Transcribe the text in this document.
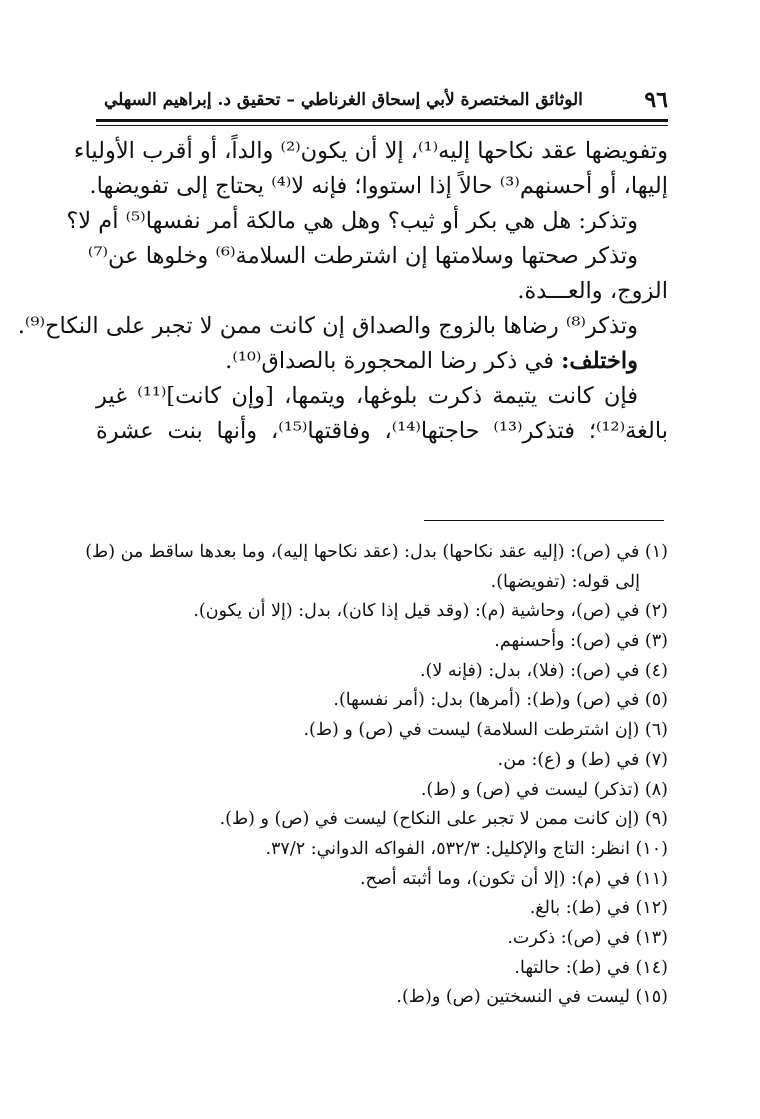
٩٦
الوثائق المختصرة لأبي إسحاق الغرناطي – تحقيق د. إبراهيم السهلي
وتفويضها عقد نكاحها إليه⁽¹⁾، إلا أن يكون⁽²⁾ والداً، أو أقرب الأولياء
إليها، أو أحسنهم⁽³⁾ حالاً إذا استووا؛ فإنه لا⁽⁴⁾ يحتاج إلى تفويضها.
وتذكر: هل هي بكر أو ثيب؟ وهل هي مالكة أمر نفسها⁽⁵⁾ أم لا؟
وتذكر صحتها وسلامتها إن اشترطت السلامة⁽⁶⁾ وخلوها عن⁽⁷⁾
الزوج، والعـــدة.
وتذكر⁽⁸⁾ رضاها بالزوج والصداق إن كانت ممن لا تجبر على النكاح⁽⁹⁾.
واختلف: في ذكر رضا المحجورة بالصداق⁽¹⁰⁾.
فإن كانت يتيمة ذكرت بلوغها، ويتمها، [وإن كانت]⁽¹¹⁾ غير
بالغة⁽¹²⁾؛ فتذكر⁽¹³⁾ حاجتها⁽¹⁴⁾، وفاقتها⁽¹⁵⁾، وأنها بنت عشرة
(١) في (ص): (إليه عقد نكاحها) بدل: (عقد نكاحها إليه)، وما بعدها ساقط من (ط)
إلى قوله: (تفويضها).
(٢) في (ص)، وحاشية (م): (وقد قيل إذا كان)، بدل: (إلا أن يكون).
(٣) في (ص): وأحسنهم.
(٤) في (ص): (فلا)، بدل: (فإنه لا).
(٥) في (ص) و(ط): (أمرها) بدل: (أمر نفسها).
(٦) (إن اشترطت السلامة) ليست في (ص) و (ط).
(٧) في (ط) و (ع): من.
(٨) (تذكر) ليست في (ص) و (ط).
(٩) (إن كانت ممن لا تجبر على النكاح) ليست في (ص) و (ط).
(١٠) انظر: التاج والإكليل: ٥٣٢/٣، الفواكه الدواني: ٣٧/٢.
(١١) في (م): (إلا أن تكون)، وما أثبته أصح.
(١٢) في (ط): بالغ.
(١٣) في (ص): ذكرت.
(١٤) في (ط): حالتها.
(١٥) ليست في النسختين (ص) و(ط).
